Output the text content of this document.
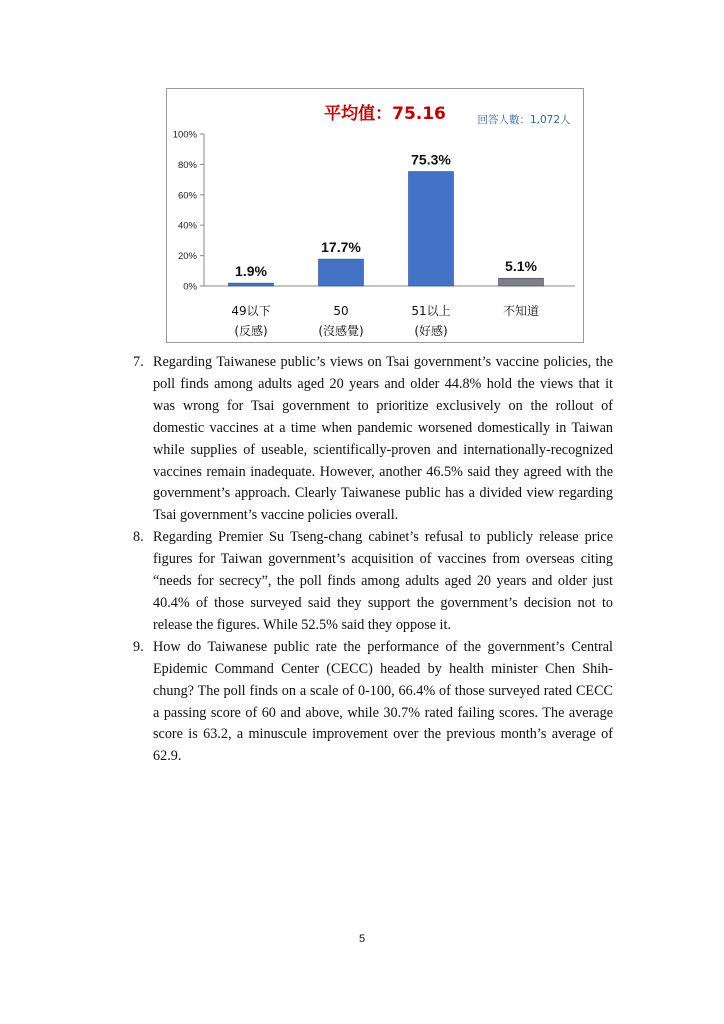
平均值：75.16	回答人數：1,072人
100%
80%
60%
40%
20%
0%
1.9%
49以下
(反感)
17.7%
50
(沒感覺)
75.3%
51以上
(好感)
5.1%
不知道
7. Regarding Taiwanese public’s views on Tsai government’s vaccine policies, the poll finds among adults aged 20 years and older 44.8% hold the views that it was wrong for Tsai government to prioritize exclusively on the rollout of domestic vaccines at a time when pandemic worsened domestically in Taiwan while supplies of useable, scientifically-proven and internationally-recognized vaccines remain inadequate. However, another 46.5% said they agreed with the government’s approach. Clearly Taiwanese public has a divided view regarding Tsai government’s vaccine policies overall.
8. Regarding Premier Su Tseng-chang cabinet’s refusal to publicly release price figures for Taiwan government’s acquisition of vaccines from overseas citing “needs for secrecy”, the poll finds among adults aged 20 years and older just 40.4% of those surveyed said they support the government’s decision not to release the figures. While 52.5% said they oppose it.
9. How do Taiwanese public rate the performance of the government’s Central Epidemic Command Center (CECC) headed by health minister Chen Shih-chung? The poll finds on a scale of 0-100, 66.4% of those surveyed rated CECC a passing score of 60 and above, while 30.7% rated failing scores. The average score is 63.2, a minuscule improvement over the previous month’s average of 62.9.
5
